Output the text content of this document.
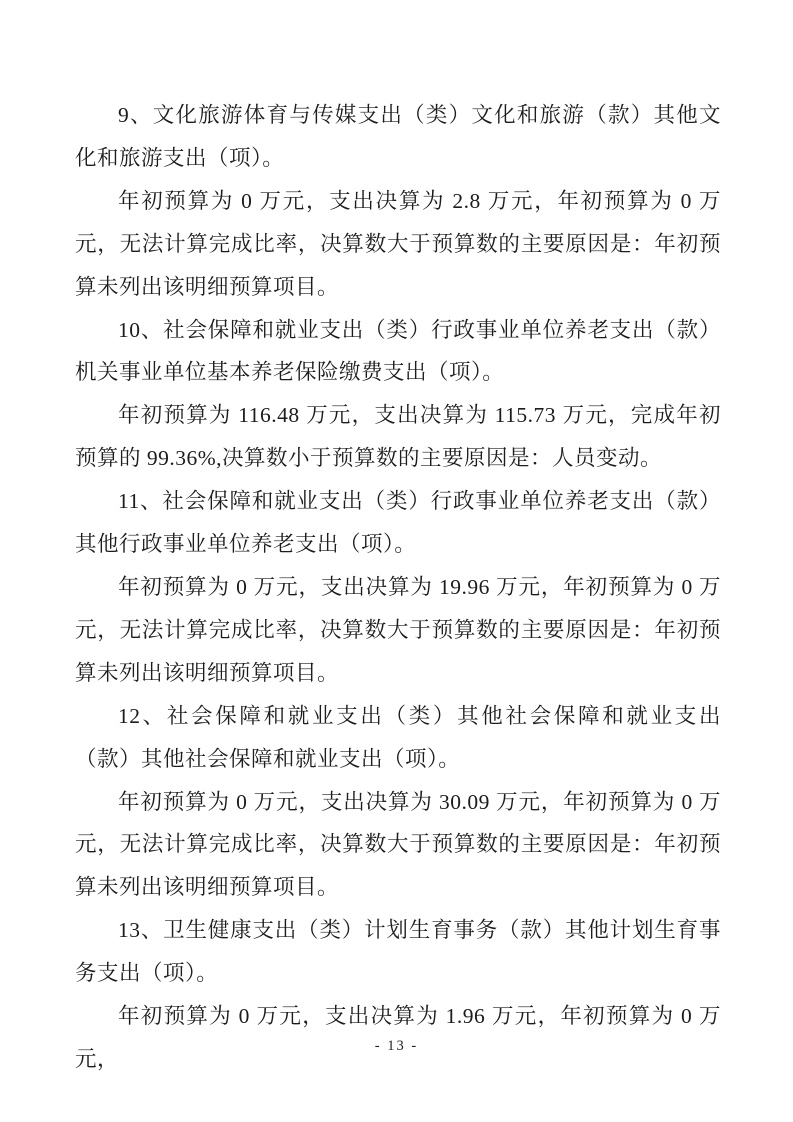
9、文化旅游体育与传媒支出（类）文化和旅游（款）其他文化和旅游支出（项）。

年初预算为 0 万元，支出决算为 2.8 万元，年初预算为 0 万元，无法计算完成比率，决算数大于预算数的主要原因是：年初预算未列出该明细预算项目。

10、社会保障和就业支出（类）行政事业单位养老支出（款）机关事业单位基本养老保险缴费支出（项）。

年初预算为 116.48 万元，支出决算为 115.73 万元，完成年初预算的 99.36%,决算数小于预算数的主要原因是：人员变动。

11、社会保障和就业支出（类）行政事业单位养老支出（款）其他行政事业单位养老支出（项）。

年初预算为 0 万元，支出决算为 19.96 万元，年初预算为 0 万元，无法计算完成比率，决算数大于预算数的主要原因是：年初预算未列出该明细预算项目。

12、社会保障和就业支出（类）其他社会保障和就业支出（款）其他社会保障和就业支出（项）。

年初预算为 0 万元，支出决算为 30.09 万元，年初预算为 0 万元，无法计算完成比率，决算数大于预算数的主要原因是：年初预算未列出该明细预算项目。

13、卫生健康支出（类）计划生育事务（款）其他计划生育事务支出（项）。

年初预算为 0 万元，支出决算为 1.96 万元，年初预算为 0 万元，

- 13 -
